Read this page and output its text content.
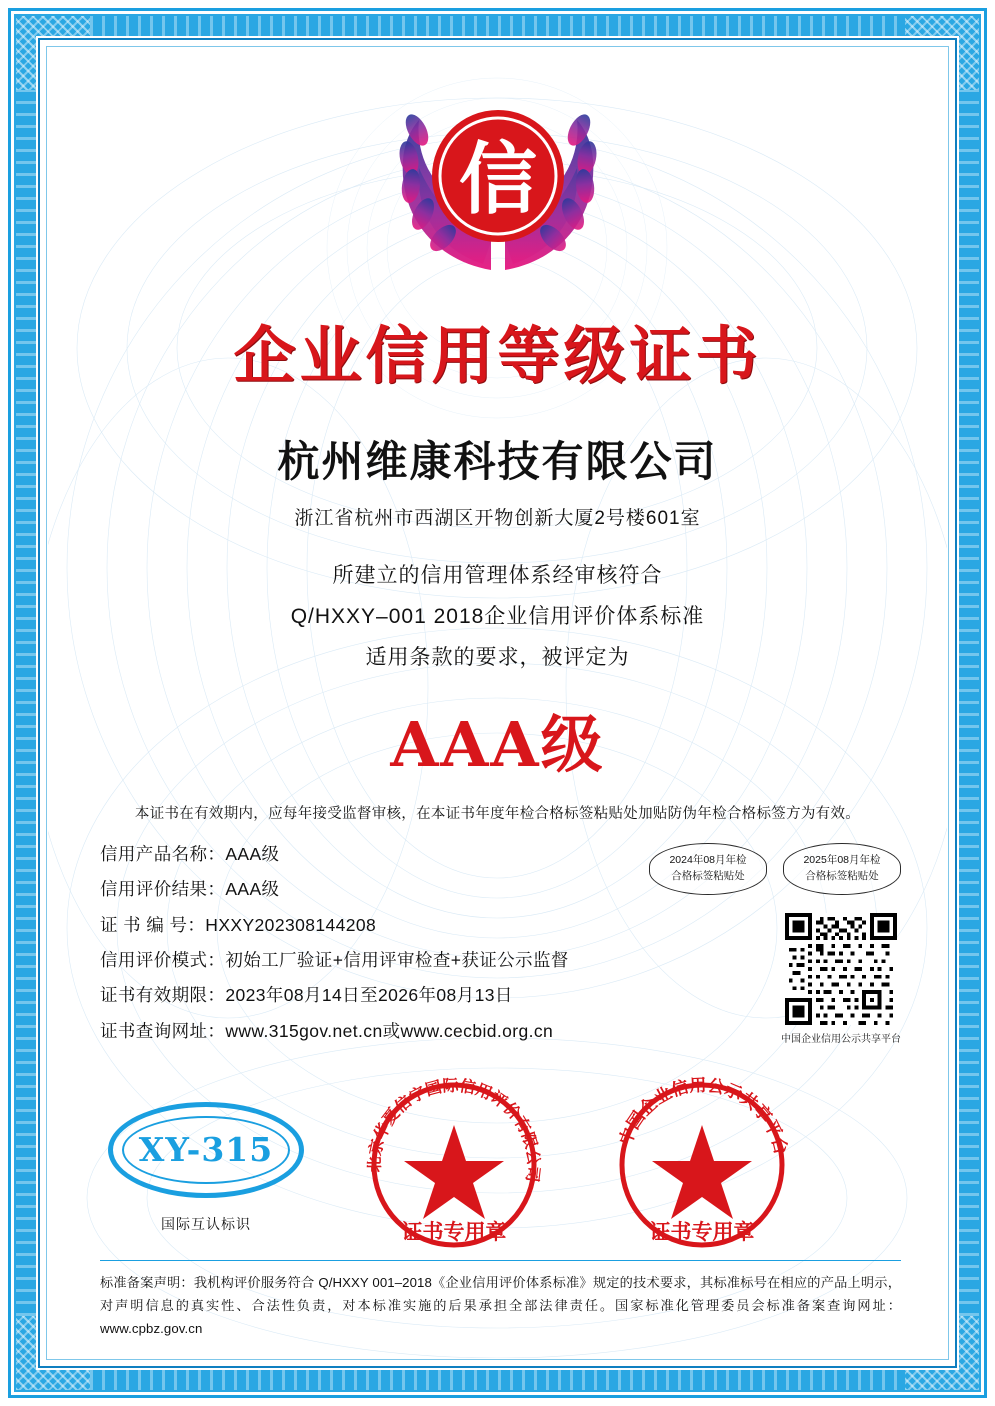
信
企业信用等级证书
杭州维康科技有限公司
浙江省杭州市西湖区开物创新大厦2号楼601室
所建立的信用管理体系经审核符合
Q/HXXY–001 2018企业信用评价体系标准
适用条款的要求，被评定为
AAA级
本证书在有效期内，应每年接受监督审核，在本证书年度年检合格标签粘贴处加贴防伪年检合格标签方为有效。
信用产品名称：AAA级
信用评价结果：AAA级
证 书 编 号：HXXY202308144208
信用评价模式：初始工厂验证+信用评审检查+获证公示监督
证书有效期限：2023年08月14日至2026年08月13日
证书查询网址：www.315gov.net.cn或www.cecbid.org.cn
2024年08月年检
合格标签粘贴处
2025年08月年检
合格标签粘贴处
中国企业信用公示共享平台
XY-315
国际互认标识
北京华夏信宇国际信用评价有限公司
证书专用章
中国企业信用公示共享平台
证书专用章
标准备案声明：我机构评价服务符合 Q/HXXY 001–2018《企业信用评价体系标准》规定的技术要求，其标准标号在相应的产品上明示，对声明信息的真实性、合法性负责，对本标准实施的后果承担全部法律责任。国家标准化管理委员会标准备案查询网址：www.cpbz.gov.cn
